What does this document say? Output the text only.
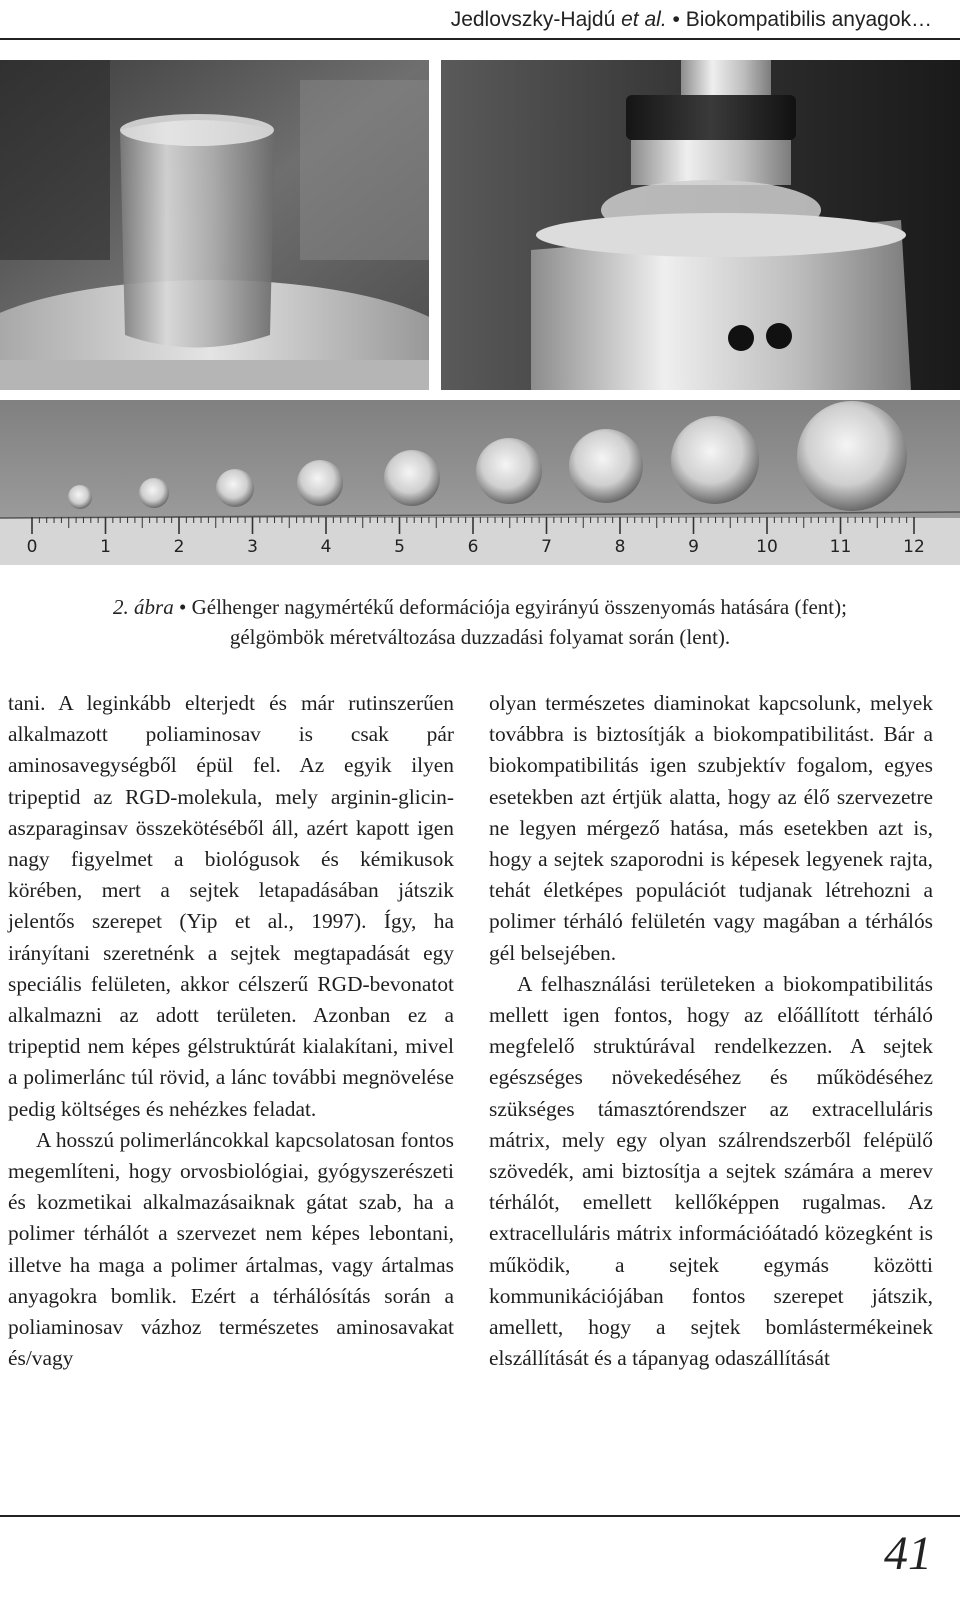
Jedlovszky-Hajdú et al. • Biokompatibilis anyagok…
0	1	2	3	4	5	6	7	8	9	10	11	12
2. ábra • Gélhenger nagymértékű deformációja egyirányú összenyomás hatására (fent);
gélgömbök méretváltozása duzzadási folyamat során (lent).

tani. A leginkább elterjedt és már rutinszerűen alkalmazott poliaminosav is csak pár aminosavegységből épül fel. Az egyik ilyen tripeptid az RGD-molekula, mely arginin-glicin-aszparaginsav összekötéséből áll, azért kapott igen nagy figyelmet a biológusok és kémikusok körében, mert a sejtek letapadásában játszik jelentős szerepet (Yip et al., 1997). Így, ha irányítani szeretnénk a sejtek megtapadását egy speciális felületen, akkor célszerű RGD-bevonatot alkalmazni az adott területen. Azonban ez a tripeptid nem képes gélstruktúrát kialakítani, mivel a polimerlánc túl rövid, a lánc további megnövelése pedig költséges és nehézkes feladat.

A hosszú polimerláncokkal kapcsolatosan fontos megemlíteni, hogy orvosbiológiai, gyógyszerészeti és kozmetikai alkalmazásaiknak gátat szab, ha a polimer térhálót a szervezet nem képes lebontani, illetve ha maga a polimer ártalmas, vagy ártalmas anyagokra bomlik. Ezért a térhálósítás során a poliaminosav vázhoz természetes aminosavakat és/vagy

olyan természetes diaminokat kapcsolunk, melyek továbbra is biztosítják a biokompatibilitást. Bár a biokompatibilitás igen szubjektív fogalom, egyes esetekben azt értjük alatta, hogy az élő szervezetre ne legyen mérgező hatása, más esetekben azt is, hogy a sejtek szaporodni is képesek legyenek rajta, tehát életképes populációt tudjanak létrehozni a polimer térháló felületén vagy magában a térhálós gél belsejében.

A felhasználási területeken a biokompatibilitás mellett igen fontos, hogy az előállított térháló megfelelő struktúrával rendelkezzen. A sejtek egészséges növekedéséhez és működéséhez szükséges támasztórendszer az extracelluláris mátrix, mely egy olyan szálrendszerből felépülő szövedék, ami biztosítja a sejtek számára a merev térhálót, emellett kellőképpen rugalmas. Az extracelluláris mátrix információátadó közegként is működik, a sejtek egymás közötti kommunikációjában fontos szerepet játszik, amellett, hogy a sejtek bomlástermékeinek elszállítását és a tápanyag odaszállítását

41
